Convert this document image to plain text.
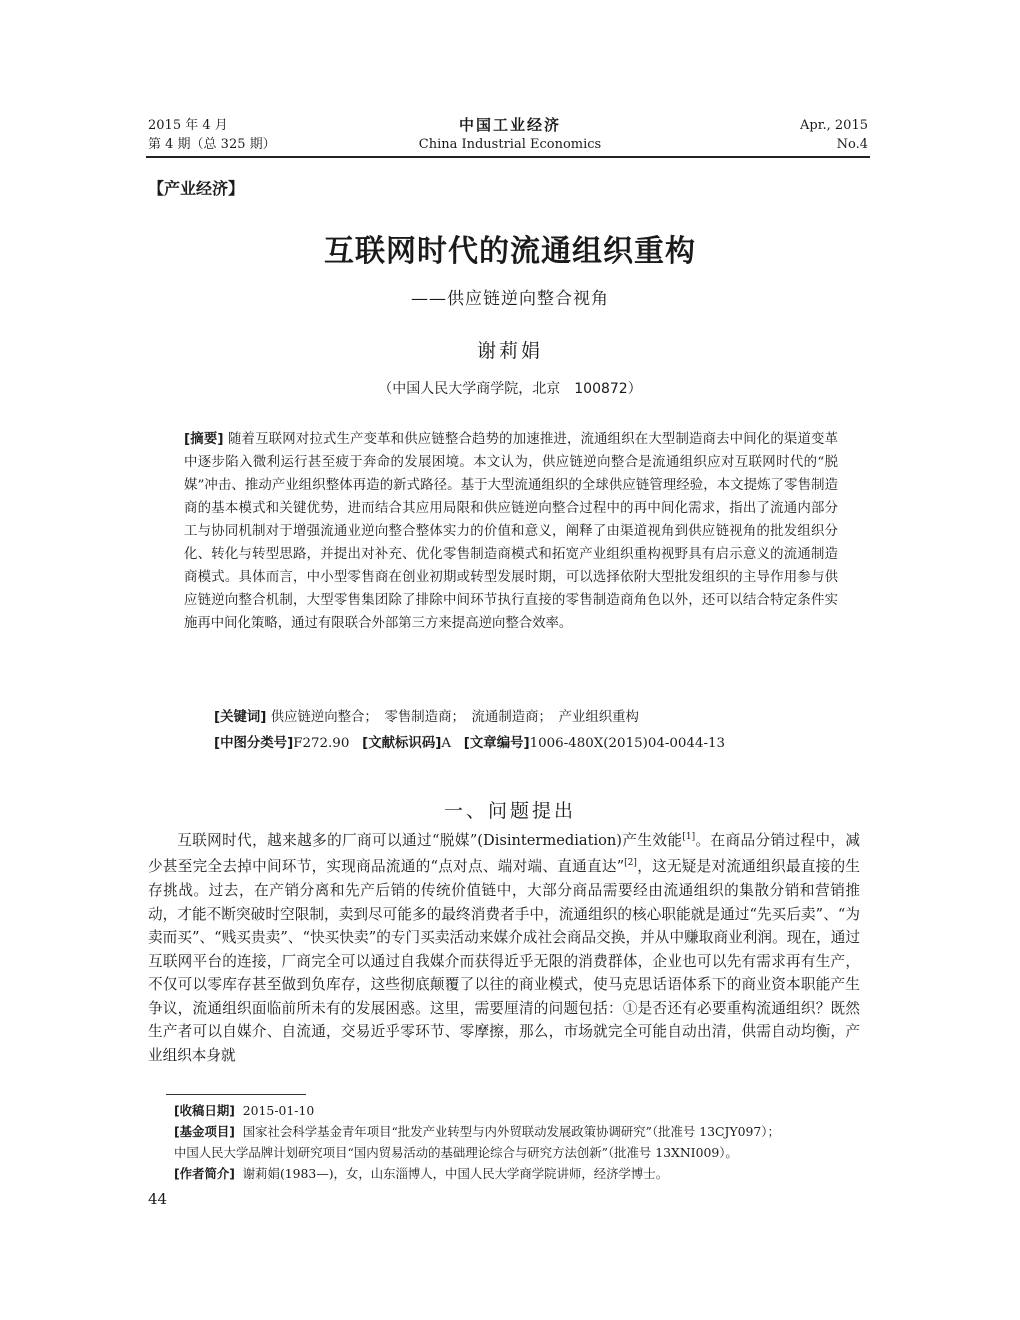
2015 年 4 月
第 4 期（总 325 期）
中国工业经济
China Industrial Economics
Apr., 2015
No.4
【产业经济】
互联网时代的流通组织重构
——供应链逆向整合视角
谢莉娟
（中国人民大学商学院，北京　100872）
[摘要] 随着互联网对拉式生产变革和供应链整合趋势的加速推进，流通组织在大型制造商去中间化的渠道变革中逐步陷入微利运行甚至疲于奔命的发展困境。本文认为，供应链逆向整合是流通组织应对互联网时代的“脱媒”冲击、推动产业组织整体再造的新式路径。基于大型流通组织的全球供应链管理经验，本文提炼了零售制造商的基本模式和关键优势，进而结合其应用局限和供应链逆向整合过程中的再中间化需求，指出了流通内部分工与协同机制对于增强流通业逆向整合整体实力的价值和意义，阐释了由渠道视角到供应链视角的批发组织分化、转化与转型思路，并提出对补充、优化零售制造商模式和拓宽产业组织重构视野具有启示意义的流通制造商模式。具体而言，中小型零售商在创业初期或转型发展时期，可以选择依附大型批发组织的主导作用参与供应链逆向整合机制，大型零售集团除了排除中间环节执行直接的零售制造商角色以外，还可以结合特定条件实施再中间化策略，通过有限联合外部第三方来提高逆向整合效率。
[关键词] 供应链逆向整合；　零售制造商；　流通制造商；　产业组织重构
[中图分类号]F272.90 [文献标识码]A [文章编号]1006-480X(2015)04-0044-13
一、问题提出
互联网时代，越来越多的厂商可以通过“脱媒”(Disintermediation)产生效能[1]。在商品分销过程中，减少甚至完全去掉中间环节，实现商品流通的“点对点、端对端、直通直达”[2]，这无疑是对流通组织最直接的生存挑战。过去，在产销分离和先产后销的传统价值链中，大部分商品需要经由流通组织的集散分销和营销推动，才能不断突破时空限制，卖到尽可能多的最终消费者手中，流通组织的核心职能就是通过“先买后卖”、“为卖而买”、“贱买贵卖”、“快买快卖”的专门买卖活动来媒介成社会商品交换，并从中赚取商业利润。现在，通过互联网平台的连接，厂商完全可以通过自我媒介而获得近乎无限的消费群体，企业也可以先有需求再有生产，不仅可以零库存甚至做到负库存，这些彻底颠覆了以往的商业模式，使马克思话语体系下的商业资本职能产生争议，流通组织面临前所未有的发展困惑。这里，需要厘清的问题包括：①是否还有必要重构流通组织？既然生产者可以自媒介、自流通，交易近乎零环节、零摩擦，那么，市场就完全可能自动出清，供需自动均衡，产业组织本身就
[收稿日期] 2015-01-10
[基金项目] 国家社会科学基金青年项目“批发产业转型与内外贸联动发展政策协调研究”（批准号 13CJY097）；
中国人民大学品牌计划研究项目“国内贸易活动的基础理论综合与研究方法创新”（批准号 13XNI009）。
[作者简介] 谢莉娟(1983—)，女，山东淄博人，中国人民大学商学院讲师，经济学博士。
44
